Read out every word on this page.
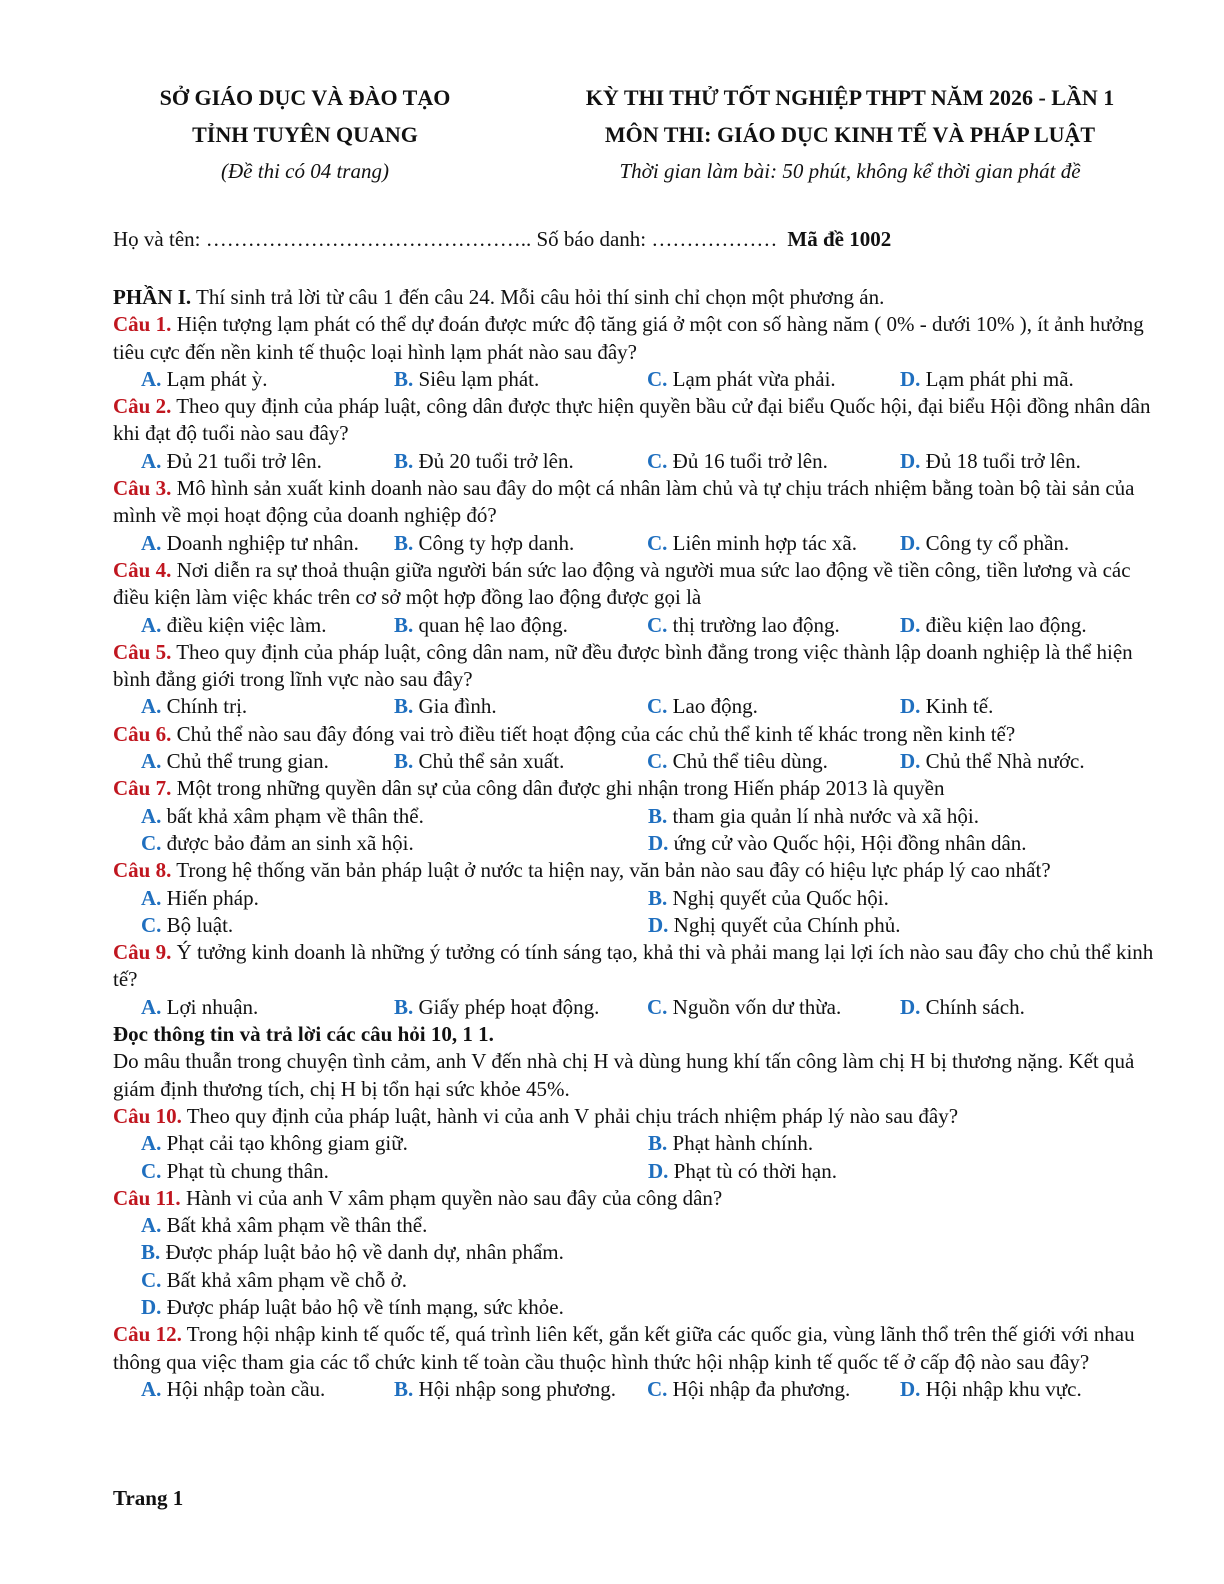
SỞ GIÁO DỤC VÀ ĐÀO TẠO
TỈNH TUYÊN QUANG
(Đề thi có 04 trang)
KỲ THI THỬ TỐT NGHIỆP THPT NĂM 2026 - LẦN 1
MÔN THI: GIÁO DỤC KINH TẾ VÀ PHÁP LUẬT
Thời gian làm bài: 50 phút, không kể thời gian phát đề
Họ và tên: ……………………………………….. Số báo danh: ……………… Mã đề 1002

PHẦN I. Thí sinh trả lời từ câu 1 đến câu 24. Mỗi câu hỏi thí sinh chỉ chọn một phương án.

Câu 1. Hiện tượng lạm phát có thể dự đoán được mức độ tăng giá ở một con số hàng năm ( 0% - dưới 10% ), ít ảnh hưởng tiêu cực đến nền kinh tế thuộc loại hình lạm phát nào sau đây?

A. Lạm phát ỳ.	B. Siêu lạm phát.	C. Lạm phát vừa phải.	D. Lạm phát phi mã.

Câu 2. Theo quy định của pháp luật, công dân được thực hiện quyền bầu cử đại biểu Quốc hội, đại biểu Hội đồng nhân dân khi đạt độ tuổi nào sau đây?

A. Đủ 21 tuổi trở lên.	B. Đủ 20 tuổi trở lên.	C. Đủ 16 tuổi trở lên.	D. Đủ 18 tuổi trở lên.

Câu 3. Mô hình sản xuất kinh doanh nào sau đây do một cá nhân làm chủ và tự chịu trách nhiệm bằng toàn bộ tài sản của mình về mọi hoạt động của doanh nghiệp đó?

A. Doanh nghiệp tư nhân.	B. Công ty hợp danh.	C. Liên minh hợp tác xã.	D. Công ty cổ phần.

Câu 4. Nơi diễn ra sự thoả thuận giữa người bán sức lao động và người mua sức lao động về tiền công, tiền lương và các điều kiện làm việc khác trên cơ sở một hợp đồng lao động được gọi là

A. điều kiện việc làm.	B. quan hệ lao động.	C. thị trường lao động.	D. điều kiện lao động.

Câu 5. Theo quy định của pháp luật, công dân nam, nữ đều được bình đẳng trong việc thành lập doanh nghiệp là thể hiện bình đẳng giới trong lĩnh vực nào sau đây?

A. Chính trị.	B. Gia đình.	C. Lao động.	D. Kinh tế.

Câu 6. Chủ thể nào sau đây đóng vai trò điều tiết hoạt động của các chủ thể kinh tế khác trong nền kinh tế?

A. Chủ thể trung gian.	B. Chủ thể sản xuất.	C. Chủ thể tiêu dùng.	D. Chủ thể Nhà nước.

Câu 7. Một trong những quyền dân sự của công dân được ghi nhận trong Hiến pháp 2013 là quyền

A. bất khả xâm phạm về thân thể.	B. tham gia quản lí nhà nước và xã hội.
C. được bảo đảm an sinh xã hội.	D. ứng cử vào Quốc hội, Hội đồng nhân dân.

Câu 8. Trong hệ thống văn bản pháp luật ở nước ta hiện nay, văn bản nào sau đây có hiệu lực pháp lý cao nhất?

A. Hiến pháp.	B. Nghị quyết của Quốc hội.
C. Bộ luật.	D. Nghị quyết của Chính phủ.

Câu 9. Ý tưởng kinh doanh là những ý tưởng có tính sáng tạo, khả thi và phải mang lại lợi ích nào sau đây cho chủ thể kinh tế?

A. Lợi nhuận.	B. Giấy phép hoạt động.	C. Nguồn vốn dư thừa.	D. Chính sách.

Đọc thông tin và trả lời các câu hỏi 10, 1 1.

Do mâu thuẫn trong chuyện tình cảm, anh V đến nhà chị H và dùng hung khí tấn công làm chị H bị thương nặng. Kết quả giám định thương tích, chị H bị tổn hại sức khỏe 45%.

Câu 10. Theo quy định của pháp luật, hành vi của anh V phải chịu trách nhiệm pháp lý nào sau đây?

A. Phạt cải tạo không giam giữ.	B. Phạt hành chính.
C. Phạt tù chung thân.	D. Phạt tù có thời hạn.

Câu 11. Hành vi của anh V xâm phạm quyền nào sau đây của công dân?

A. Bất khả xâm phạm về thân thể.
B. Được pháp luật bảo hộ về danh dự, nhân phẩm.
C. Bất khả xâm phạm về chỗ ở.
D. Được pháp luật bảo hộ về tính mạng, sức khỏe.

Câu 12. Trong hội nhập kinh tế quốc tế, quá trình liên kết, gắn kết giữa các quốc gia, vùng lãnh thổ trên thế giới với nhau thông qua việc tham gia các tổ chức kinh tế toàn cầu thuộc hình thức hội nhập kinh tế quốc tế ở cấp độ nào sau đây?

A. Hội nhập toàn cầu.	B. Hội nhập song phương.	C. Hội nhập đa phương.	D. Hội nhập khu vực.
Trang 1
